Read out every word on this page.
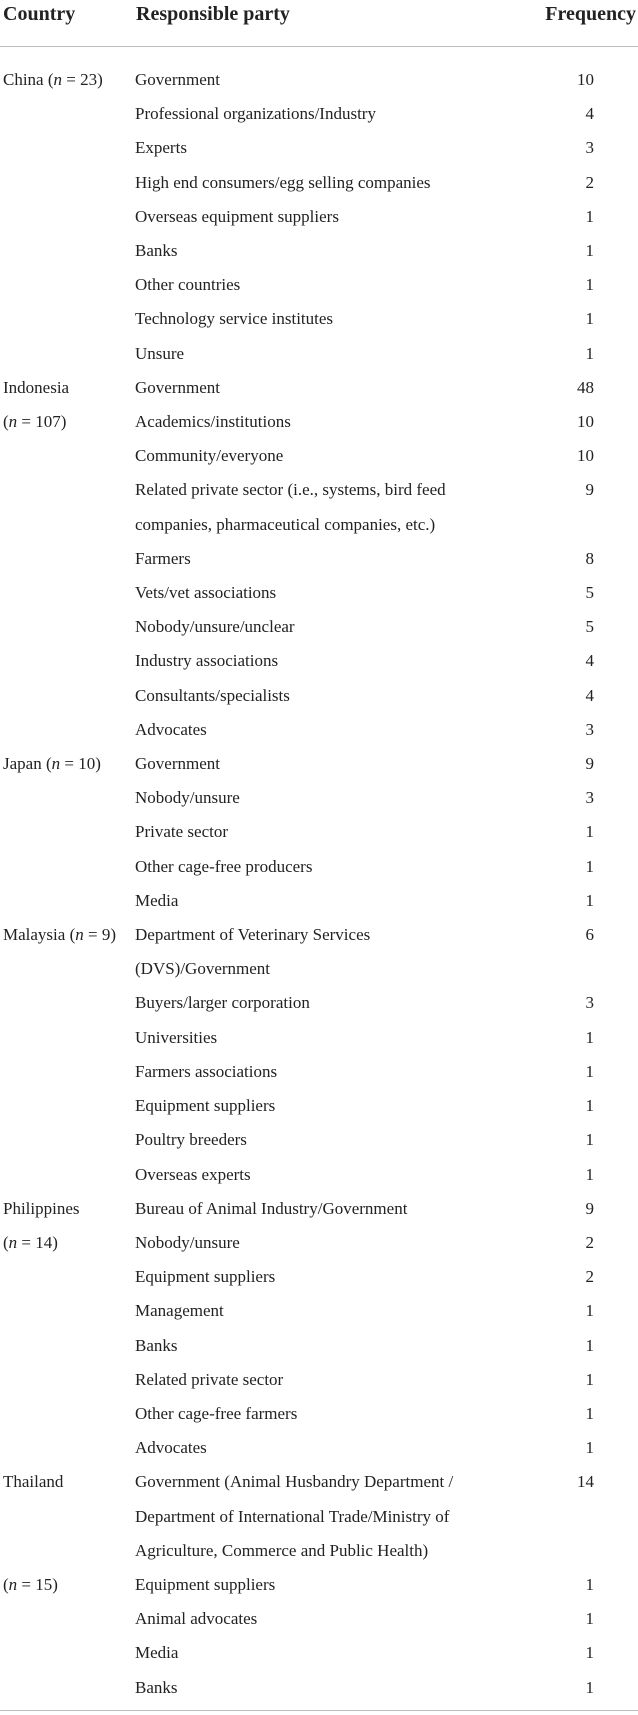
Country	Responsible party	Frequency

China (n = 23)	Government	10
	Professional organizations/Industry	4
	Experts	3
	High end consumers/egg selling companies	2
	Overseas equipment suppliers	1
	Banks	1
	Other countries	1
	Technology service institutes	1
	Unsure	1
Indonesia	Government	48
(n = 107)	Academics/institutions	10
	Community/everyone	10
	Related private sector (i.e., systems, bird feed	9
	companies, pharmaceutical companies, etc.)	
	Farmers	8
	Vets/vet associations	5
	Nobody/unsure/unclear	5
	Industry associations	4
	Consultants/specialists	4
	Advocates	3
Japan (n = 10)	Government	9
	Nobody/unsure	3
	Private sector	1
	Other cage-free producers	1
	Media	1
Malaysia (n = 9)	Department of Veterinary Services	6
	(DVS)/Government	
	Buyers/larger corporation	3
	Universities	1
	Farmers associations	1
	Equipment suppliers	1
	Poultry breeders	1
	Overseas experts	1
Philippines	Bureau of Animal Industry/Government	9
(n = 14)	Nobody/unsure	2
	Equipment suppliers	2
	Management	1
	Banks	1
	Related private sector	1
	Other cage-free farmers	1
	Advocates	1
Thailand	Government (Animal Husbandry Department /	14
	Department of International Trade/Ministry of	
	Agriculture, Commerce and Public Health)	
(n = 15)	Equipment suppliers	1
	Animal advocates	1
	Media	1
	Banks	1
